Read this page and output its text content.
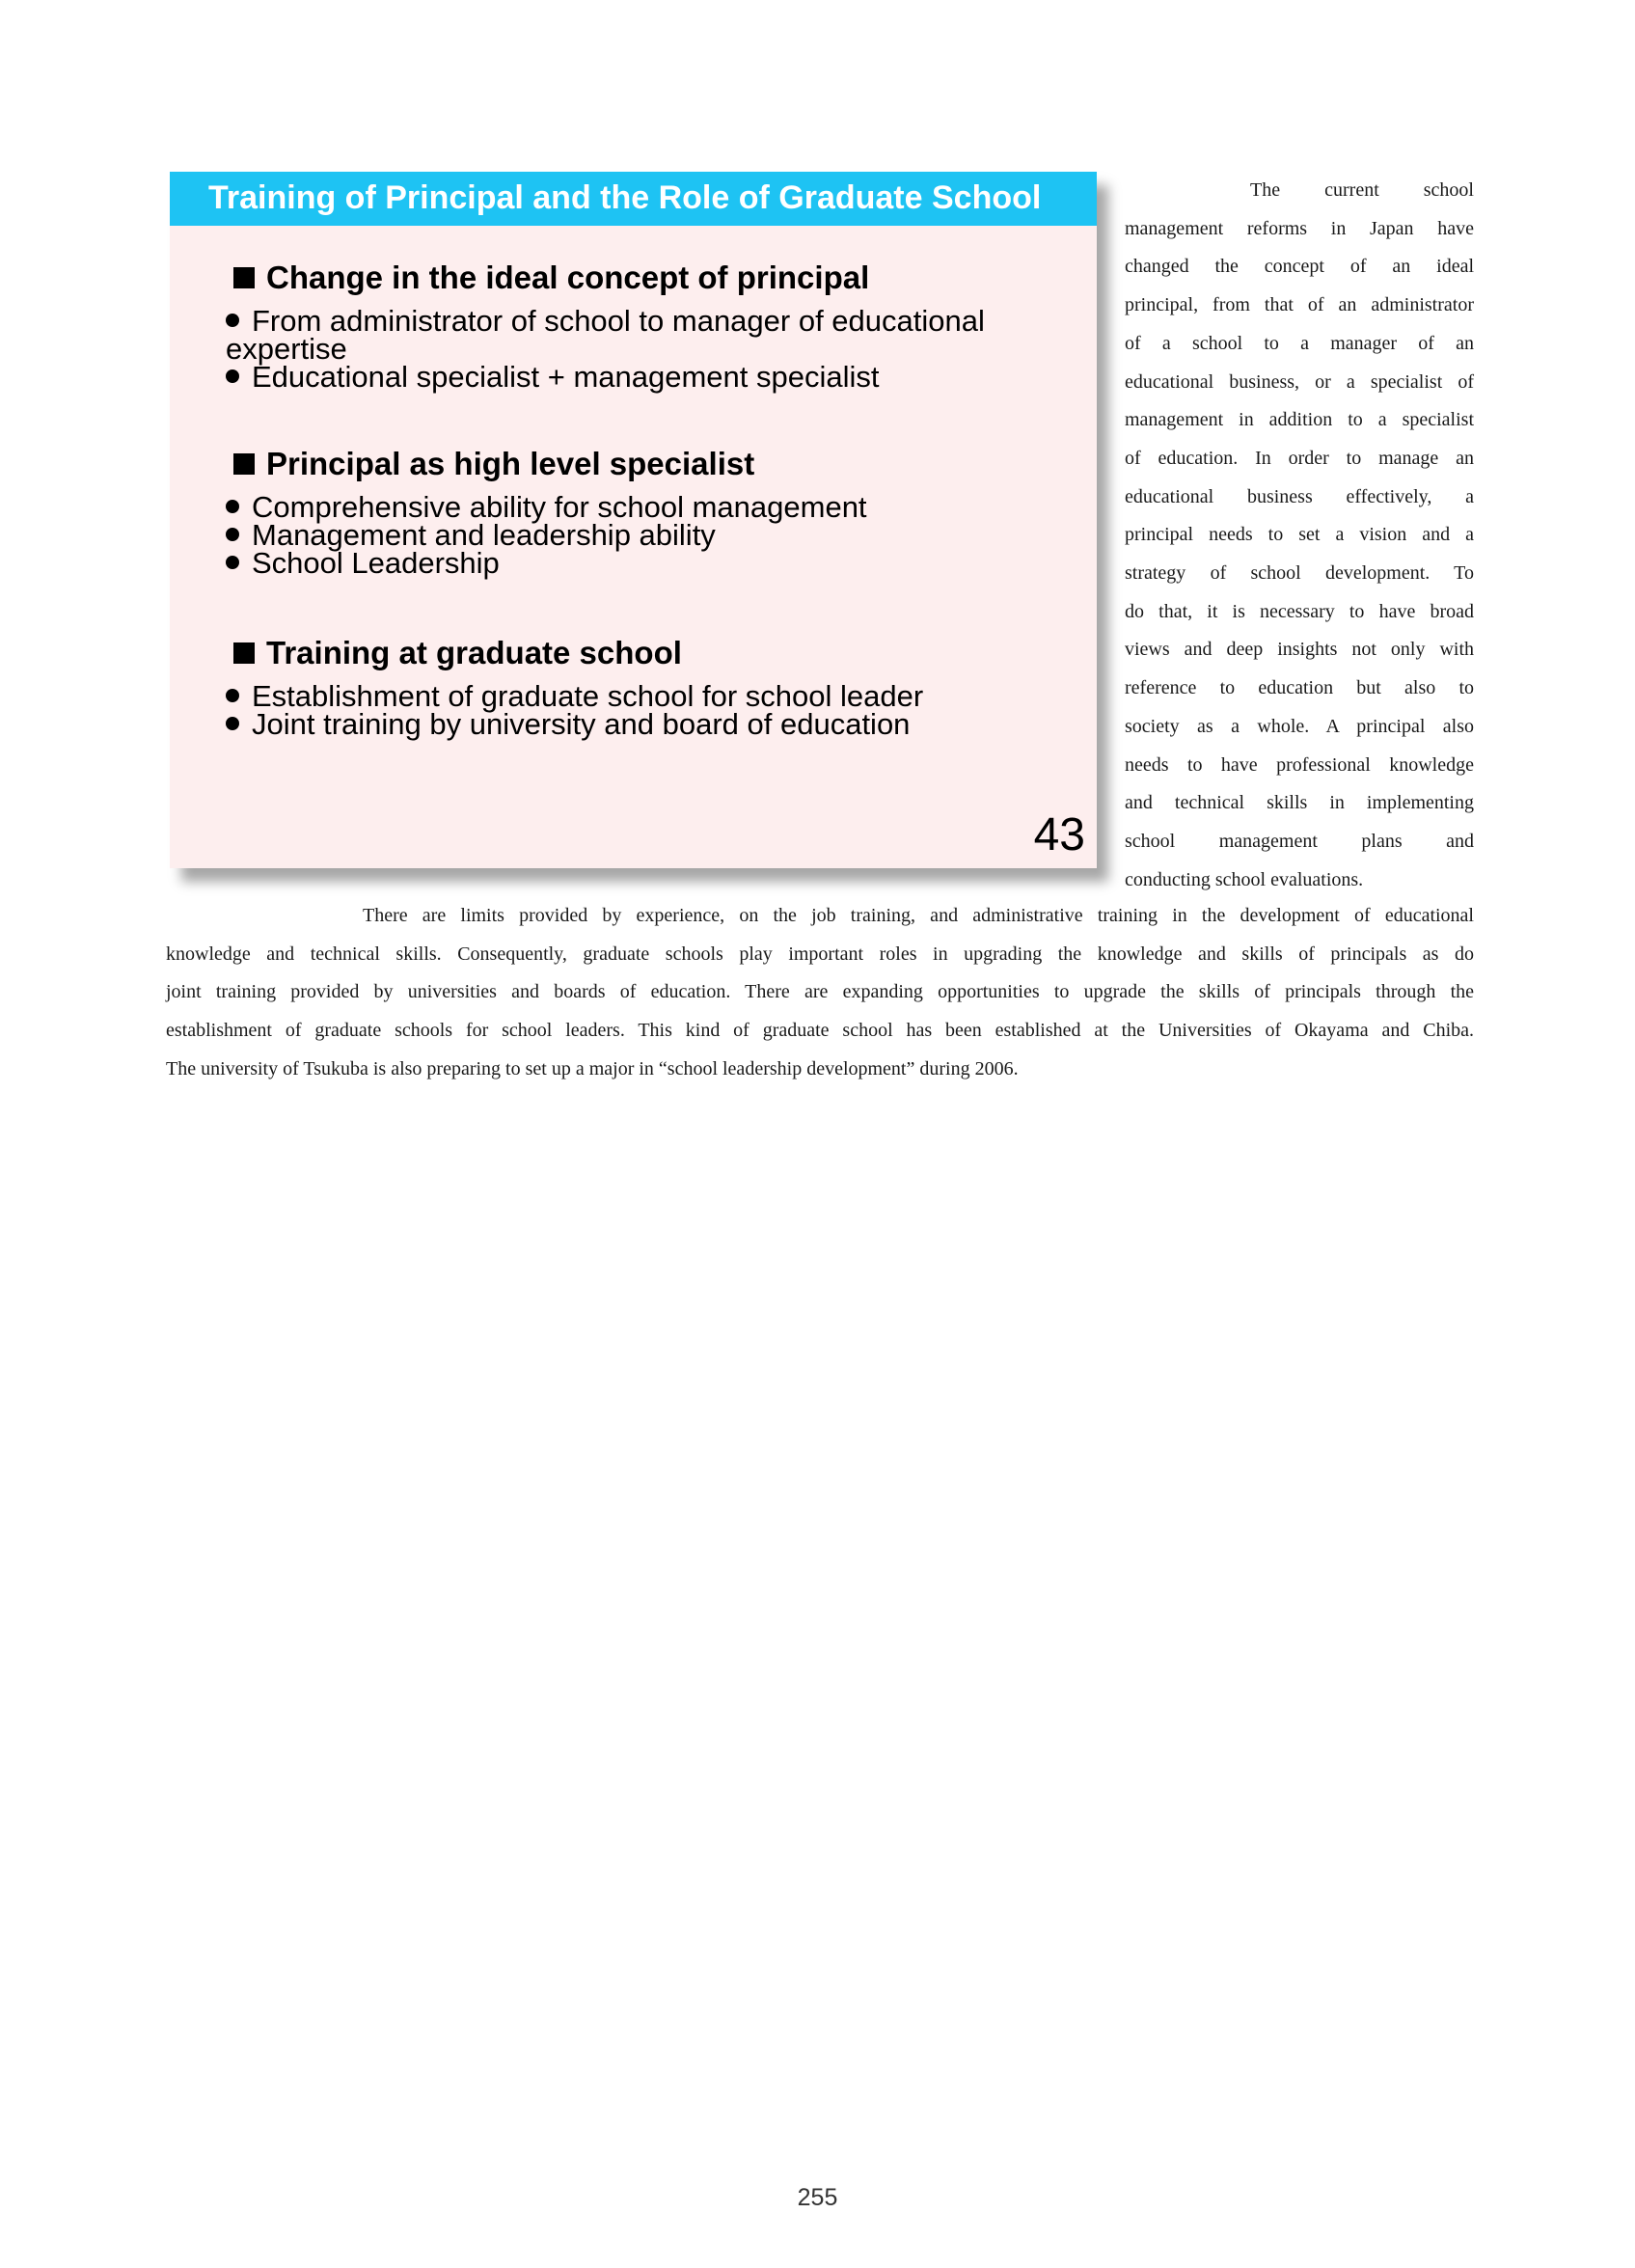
Training of Principal and the Role of Graduate School
Change in the ideal concept of principal
From administrator of school to manager of educational
expertise
Educational specialist + management specialist
Principal as high level specialist
Comprehensive ability for school management
Management and leadership ability
School Leadership
Training at graduate school
Establishment of graduate school for school leader
Joint training by university and board of education
43
The current school
management reforms in Japan have
changed the concept of an ideal
principal, from that of an administrator
of a school to a manager of an
educational business, or a specialist of
management in addition to a specialist
of education. In order to manage an
educational business effectively, a
principal needs to set a vision and a
strategy of school development. To
do that, it is necessary to have broad
views and deep insights not only with
reference to education but also to
society as a whole. A principal also
needs to have professional knowledge
and technical skills in implementing
school management plans and
conducting school evaluations.
There are limits provided by experience, on the job training, and administrative training in the development of educational
knowledge and technical skills. Consequently, graduate schools play important roles in upgrading the knowledge and skills of principals as do
joint training provided by universities and boards of education. There are expanding opportunities to upgrade the skills of principals through the
establishment of graduate schools for school leaders. This kind of graduate school has been established at the Universities of Okayama and Chiba.
The university of Tsukuba is also preparing to set up a major in “school leadership development” during 2006.
255
